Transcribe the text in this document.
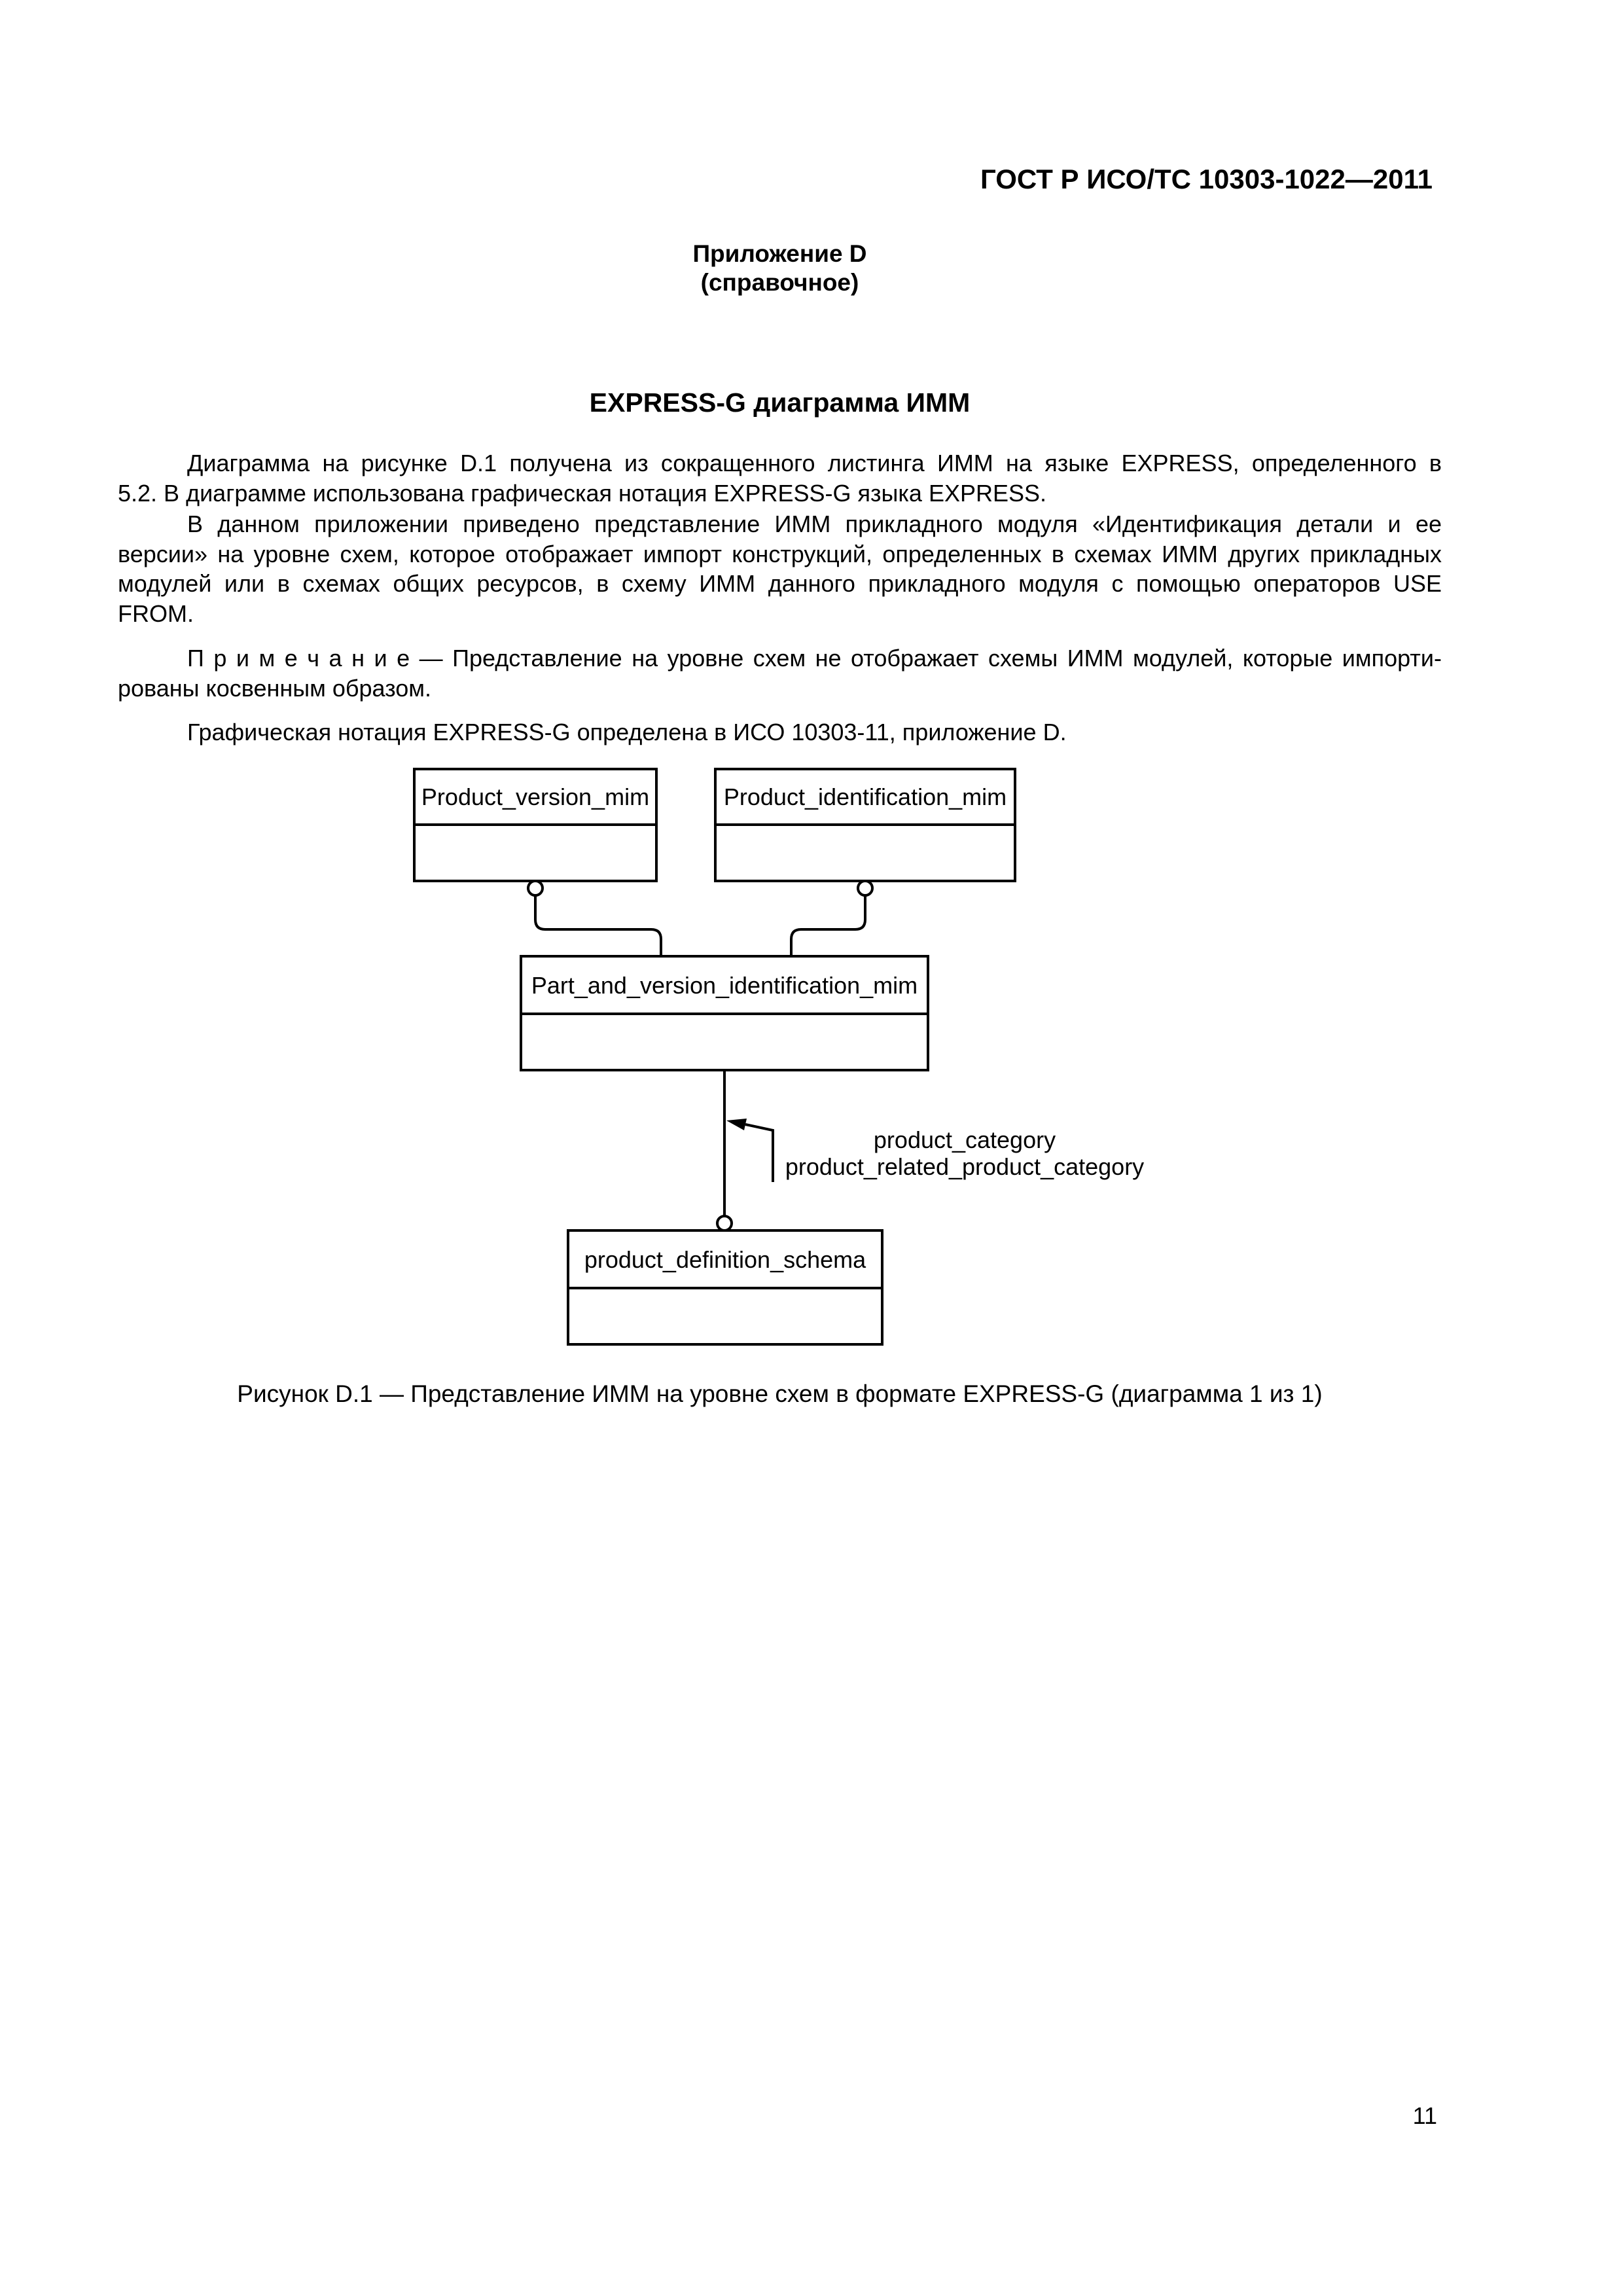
ГОСТ Р ИСО/ТС 10303-1022—2011
Приложение D
(справочное)
EXPRESS-G диаграмма ИММ
Диаграмма на рисунке D.1 получена из сокращенного листинга ИММ на языке EXPRESS, определенного в
5.2. В диаграмме использована графическая нотация EXPRESS-G языка EXPRESS.
В данном приложении приведено представление ИММ прикладного модуля «Идентификация детали и ее
версии» на уровне схем, которое отображает импорт конструкций, определенных в схемах ИММ других прикладных
модулей или в схемах общих ресурсов, в схему ИММ данного прикладного модуля с помощью операторов USE
FROM.
П р и м е ч а н и е — Представление на уровне схем не отображает схемы ИММ модулей, которые импорти-
рованы косвенным образом.
Графическая нотация EXPRESS-G определена в ИСО 10303-11, приложение D.
Product_version_mim	Product_identification_mim
Part_and_version_identification_mim
product_definition_schema
product_category
product_related_product_category
Рисунок D.1 — Представление ИММ на уровне схем в формате EXPRESS-G (диаграмма 1 из 1)
11
